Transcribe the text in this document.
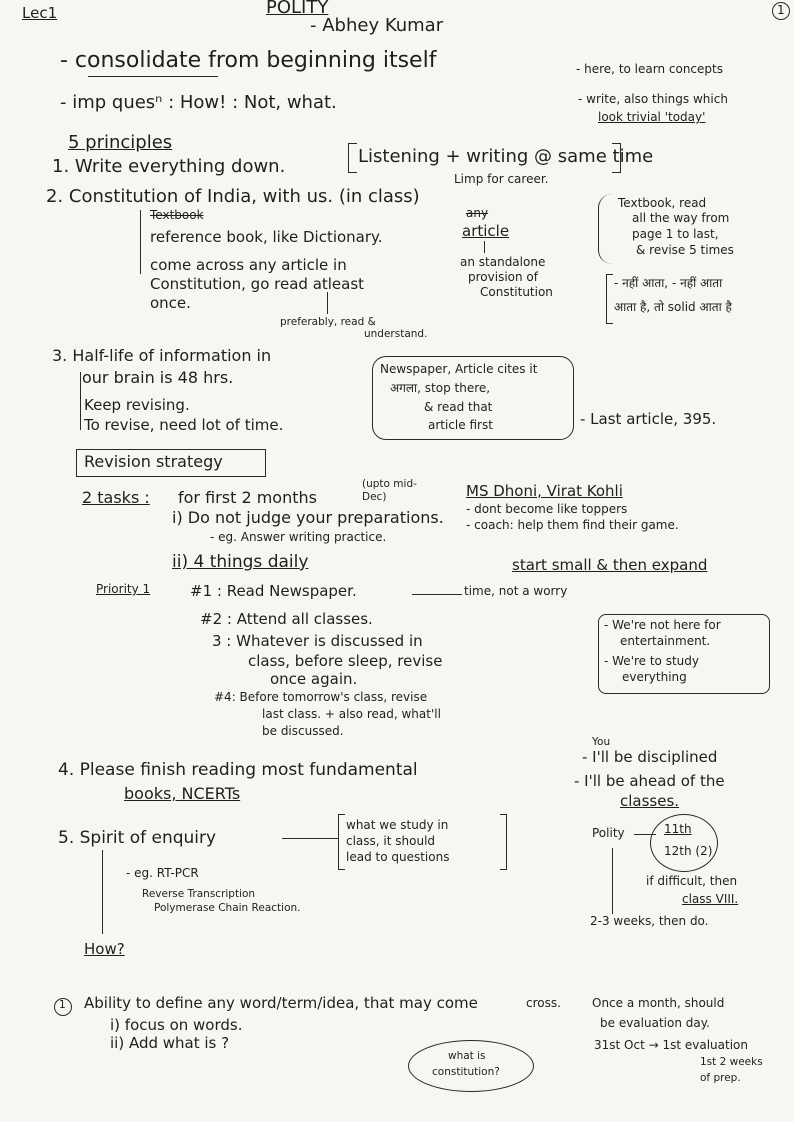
Lec1	POLITY
- Abhey Kumar
1
- consolidate from beginning itself
- imp quesⁿ : How! : Not, what.
- here, to learn concepts
- write, also things which
look trivial 'today'
5 principles
1. Write everything down.	Listening + writing @ same time
Limp for career.
2. Constitution of India, with us. (in class)
Textbook
reference book, like Dictionary.
come across any article in
Constitution, go read atleast
once.
preferably, read &
understand.
any
article
an standalone
provision of
Constitution
Textbook, read
all the way from
page 1 to last,
& revise 5 times
- नहीं आता, - नहीं आता
आता है, तो solid आता है
3. Half-life of information in
our brain is 48 hrs.
Keep revising.
To revise, need lot of time.
Newspaper, Article cites it
अगला, stop there,
& read that
article first	- Last article, 395.
Revision strategy
2 tasks : for first 2 months
(upto mid-Dec)
i) Do not judge your preparations.
- eg. Answer writing practice.
MS Dhoni, Virat Kohli
- dont become like toppers
- coach: help them find their game.
ii) 4 things daily	start small & then expand
Priority 1	#1 : Read Newspaper.	time, not a worry
#2 : Attend all classes.
3 : Whatever is discussed in
class, before sleep, revise
once again.
#4: Before tomorrow's class, revise
last class. + also read, what'll
be discussed.
- We're not here for
entertainment.
- We're to study
everything

4. Please finish reading most fundamental
books, NCERTs
You
- I'll be disciplined
- I'll be ahead of the
classes.
5. Spirit of enquiry
what we study in
class, it should
lead to questions
- eg. RT-PCR
Reverse Transcription
Polymerase Chain Reaction.
How?
Polity	11th
12th (2)
if difficult, then
class VIII.
2-3 weeks, then do.
1 Ability to define any word/term/idea, that may come	cross.
i) focus on words.
ii) Add what is ?
what is
constitution?
Once a month, should
be evaluation day.
31st Oct → 1st evaluation
1st 2 weeks
of prep.
